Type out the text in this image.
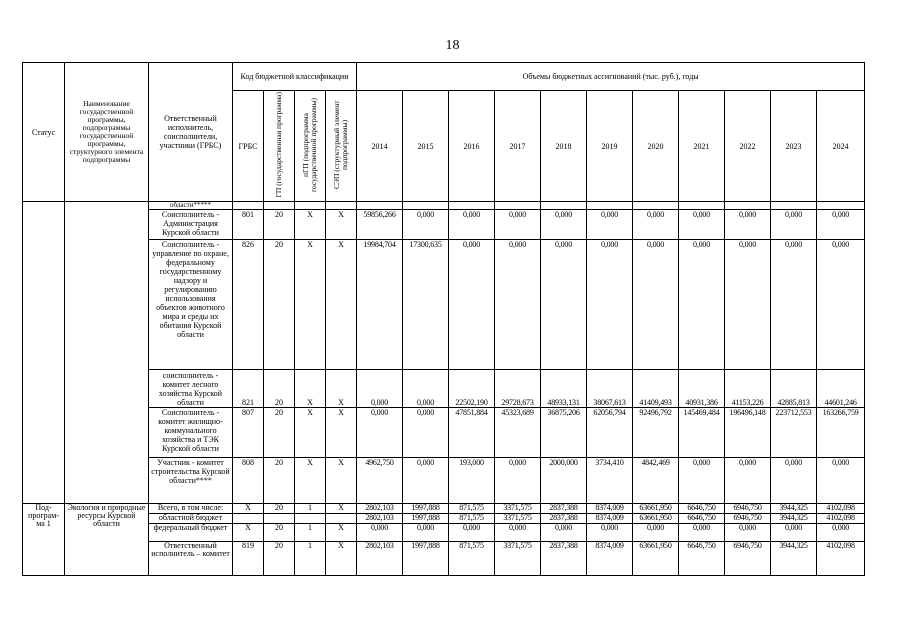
18
Статус	Наименование государственной программы, подпрограммы государственной программы, структурного элемента подпрограммы	Ответственный исполнитель, соисполнители, участники (ГРБС)	Код бюджетной классификации				Объемы бюджетных ассигнований (тыс. руб.), годы										
			ГРБС	ГП (государственная программа)	пГП (подпрограмма государственной программы)	СЭП (структурный элемент подпрограммы)	2014	2015	2016	2017	2018	2019	2020	2021	2022	2023	2024

		области*****															

		Соисполнитель - Администрация Курской области	801	20	X	X	59856,266	0,000	0,000	0,000	0,000	0,000	0,000	0,000	0,000	0,000	0,000
		Соисполнитель - управление по охране, федеральному государственному надзору и регулированию использования объектов животного мира и среды их обитания Курской области	826	20	X	X	19984,704	17300,635	0,000	0,000	0,000	0,000	0,000	0,000	0,000	0,000	0,000
		соисполнитель - комитет лесного хозяйства Курской области	821	20	X	X	0,000	0,000	22502,190	29728,673	48933,131	38067,613	41409,493	40931,386	41153,226	42885,813	44601,246
		Соисполнитель - комитет жилищно-коммунального хозяйства и ТЭК Курской области	807	20	X	X	0,000	0,000	47851,884	45323,689	36875,206	62056,794	92496,792	145469,484	196496,148	223712,553	163266,759
		Участник - комитет строительства Курской области****	808	20	X	X	4962,750	0,000	193,000	0,000	2000,000	3734,410	4842,469	0,000	0,000	0,000	0,000
Под-програм-ма 1	Экология и природные ресурсы Курской области	Всего, в том числе:	X	20	1	X	2802,103	1997,888	871,575	3371,575	2837,388	8374,009	63661,950	6646,750	6946,750	3944,325	4102,098
		областной бюджет					2802,103	1997,888	871,575	3371,575	2837,388	8374,009	63661,950	6646,750	6946,750	3944,325	4102,098
		федеральный бюджет	X	20	1	X	0,000	0,000	0,000	0,000	0,000	0,000	0,000	0,000	0,000	0,000	0,000
		Ответственный исполнитель – комитет	819	20	1	X	2802,103	1997,888	871,575	3371,575	2837,388	8374,009	63661,950	6646,750	6946,750	3944,325	4102,098
